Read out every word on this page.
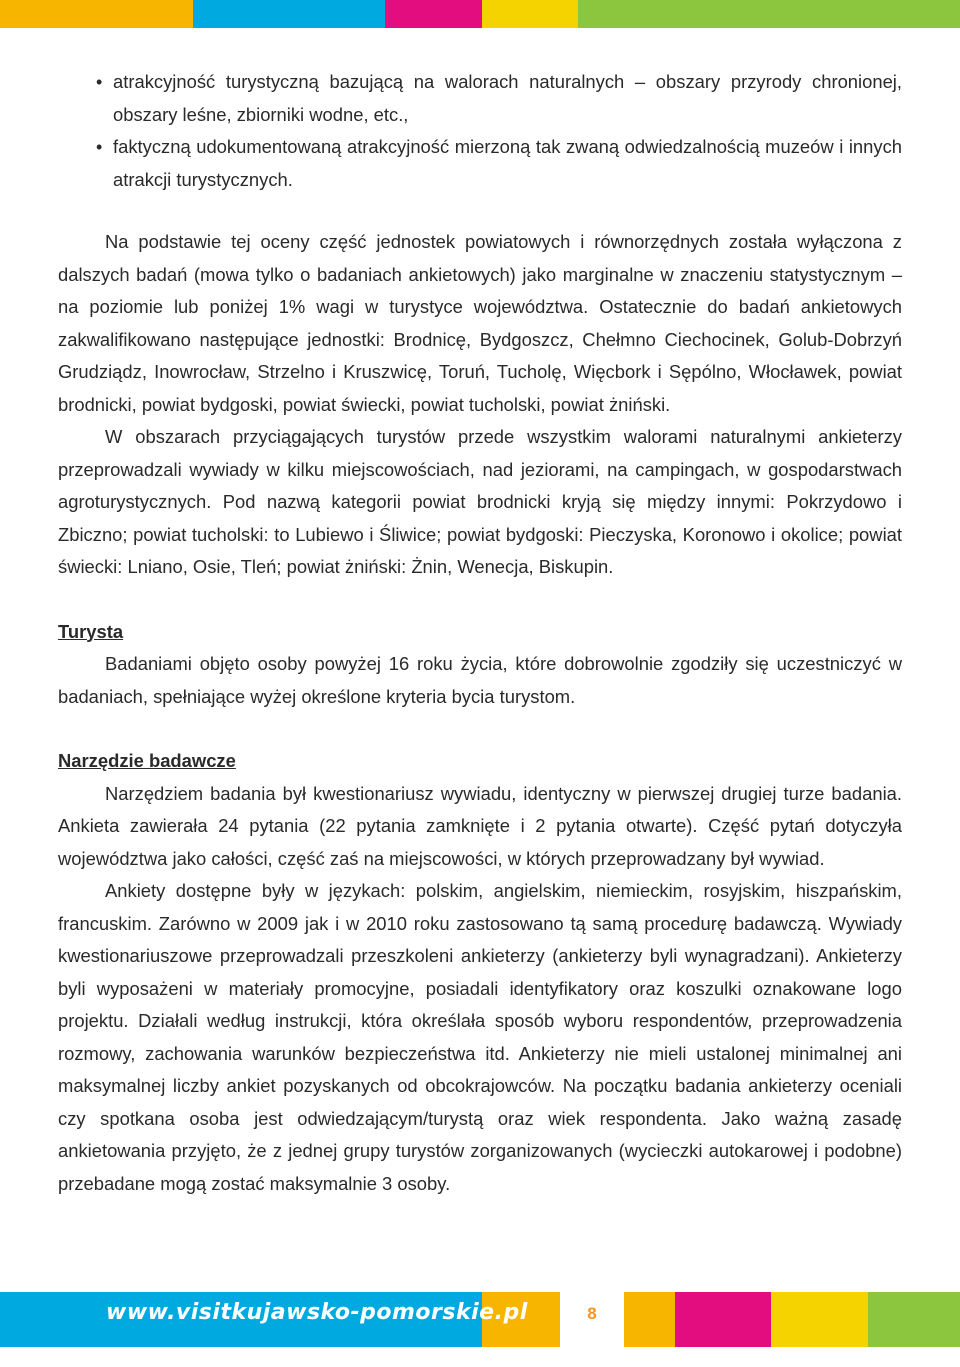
• atrakcyjność turystyczną bazującą na walorach naturalnych – obszary przyrody chronionej, obszary leśne, zbiorniki wodne, etc.,
• faktyczną udokumentowaną atrakcyjność mierzoną tak zwaną odwiedzalnością muzeów i innych atrakcji turystycznych.

Na podstawie tej oceny część jednostek powiatowych i równorzędnych została wyłączona z dalszych badań (mowa tylko o badaniach ankietowych) jako marginalne w znaczeniu statystycznym – na poziomie lub poniżej 1% wagi w turystyce województwa. Ostatecznie do badań ankietowych zakwalifikowano następujące jednostki: Brodnicę, Bydgoszcz, Chełmno Ciechocinek, Golub-Dobrzyń Grudziądz, Inowrocław, Strzelno i Kruszwicę, Toruń, Tucholę, Więcbork i Sępólno, Włocławek, powiat brodnicki, powiat bydgoski, powiat świecki, powiat tucholski, powiat żniński.

W obszarach przyciągających turystów przede wszystkim walorami naturalnymi ankieterzy przeprowadzali wywiady w kilku miejscowościach, nad jeziorami, na campingach, w gospodarstwach agroturystycznych. Pod nazwą kategorii powiat brodnicki kryją się między innymi: Pokrzydowo i Zbiczno; powiat tucholski: to Lubiewo i Śliwice; powiat bydgoski: Pieczyska, Koronowo i okolice; powiat świecki: Lniano, Osie, Tleń; powiat żniński: Żnin, Wenecja, Biskupin.

Turysta

Badaniami objęto osoby powyżej 16 roku życia, które dobrowolnie zgodziły się uczestniczyć w badaniach, spełniające wyżej określone kryteria bycia turystom.

Narzędzie badawcze

Narzędziem badania był kwestionariusz wywiadu, identyczny w pierwszej drugiej turze badania. Ankieta zawierała 24 pytania (22 pytania zamknięte i 2 pytania otwarte). Część pytań dotyczyła województwa jako całości, część zaś na miejscowości, w których przeprowadzany był wywiad.

Ankiety dostępne były w językach: polskim, angielskim, niemieckim, rosyjskim, hiszpańskim, francuskim. Zarówno w 2009 jak i w 2010 roku zastosowano tą samą procedurę badawczą. Wywiady kwestionariuszowe przeprowadzali przeszkoleni ankieterzy (ankieterzy byli wynagradzani). Ankieterzy byli wyposażeni w materiały promocyjne, posiadali identyfikatory oraz koszulki oznakowane logo projektu. Działali według instrukcji, która określała sposób wyboru respondentów, przeprowadzenia rozmowy, zachowania warunków bezpieczeństwa itd. Ankieterzy nie mieli ustalonej minimalnej ani maksymalnej liczby ankiet pozyskanych od obcokrajowców. Na początku badania ankieterzy oceniali czy spotkana osoba jest odwiedzającym/turystą oraz wiek respondenta. Jako ważną zasadę ankietowania przyjęto, że z jednej grupy turystów zorganizowanych (wycieczki autokarowej i podobne) przebadane mogą zostać maksymalnie 3 osoby.

www.visitkujawsko-pomorskie.pl	8
